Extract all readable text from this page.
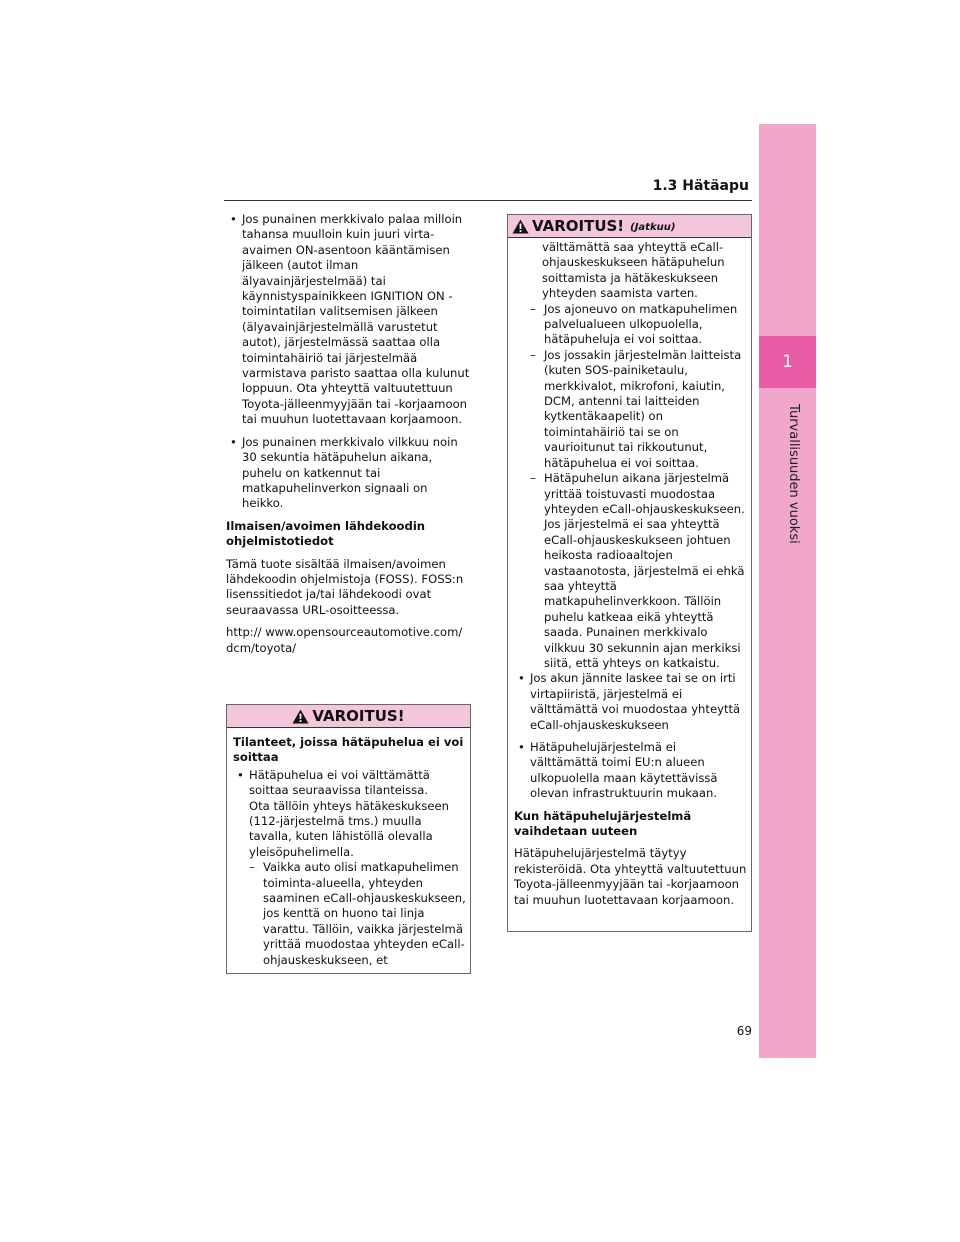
1.3 Hätäapu
1
Turvallisuuden vuoksi

• Jos punainen merkkivalo palaa milloin tahansa muulloin kuin juuri virta-avaimen ON-asentoon kääntämisen jälkeen (autot ilman älyavainjärjestelmää) tai käynnistyspainikkeen IGNITION ON -toimintatilan valitsemisen jälkeen (älyavainjärjestelmällä varustetut autot), järjestelmässä saattaa olla toimintahäiriö tai järjestelmää varmistava paristo saattaa olla kulunut loppuun. Ota yhteyttä valtuutettuun Toyota-jälleenmyyjään tai -korjaamoon tai muuhun luotettavaan korjaamoon.

• Jos punainen merkkivalo vilkkuu noin 30 sekuntia hätäpuhelun aikana, puhelu on katkennut tai matkapuhelinverkon signaali on heikko.

Ilmaisen/avoimen lähdekoodin ohjelmistotiedot

Tämä tuote sisältää ilmaisen/avoimen lähdekoodin ohjelmistoja (FOSS). FOSS:n lisenssitiedot ja/tai lähdekoodi ovat seuraavassa URL-osoitteessa.

http:// www.opensourceautomotive.com/ dcm/toyota/

VAROITUS!

Tilanteet, joissa hätäpuhelua ei voi soittaa

• Hätäpuhelua ei voi välttämättä soittaa seuraavissa tilanteissa.

Ota tällöin yhteys hätäkeskukseen (112-järjestelmä tms.) muulla tavalla, kuten lähistöllä olevalla yleisöpuhelimella.

– Vaikka auto olisi matkapuhelimen toiminta-alueella, yhteyden saaminen eCall-ohjauskeskukseen, jos kenttä on huono tai linja varattu. Tällöin, vaikka järjestelmä yrittää muodostaa yhteyden eCall-ohjauskeskukseen, et

VAROITUS! (Jatkuu)

välttämättä saa yhteyttä eCall-ohjauskeskukseen hätäpuhelun soittamista ja hätäkeskukseen yhteyden saamista varten.

– Jos ajoneuvo on matkapuhelimen palvelualueen ulkopuolella, hätäpuheluja ei voi soittaa.

– Jos jossakin järjestelmän laitteista (kuten SOS-painiketaulu, merkkivalot, mikrofoni, kaiutin, DCM, antenni tai laitteiden kytkentäkaapelit) on toimintahäiriö tai se on vaurioitunut tai rikkoutunut, hätäpuhelua ei voi soittaa.

– Hätäpuhelun aikana järjestelmä yrittää toistuvasti muodostaa yhteyden eCall-ohjauskeskukseen. Jos järjestelmä ei saa yhteyttä eCall-ohjauskeskukseen johtuen heikosta radioaaltojen vastaanotosta, järjestelmä ei ehkä saa yhteyttä matkapuhelinverkkoon. Tällöin puhelu katkeaa eikä yhteyttä saada. Punainen merkkivalo vilkkuu 30 sekunnin ajan merkiksi siitä, että yhteys on katkaistu.

• Jos akun jännite laskee tai se on irti virtapiiristä, järjestelmä ei välttämättä voi muodostaa yhteyttä eCall-ohjauskeskukseen

• Hätäpuhelujärjestelmä ei välttämättä toimi EU:n alueen ulkopuolella maan käytettävissä olevan infrastruktuurin mukaan.

Kun hätäpuhelujärjestelmä vaihdetaan uuteen

Hätäpuhelujärjestelmä täytyy rekisteröidä. Ota yhteyttä valtuutettuun Toyota-jälleenmyyjään tai -korjaamoon tai muuhun luotettavaan korjaamoon.

69
